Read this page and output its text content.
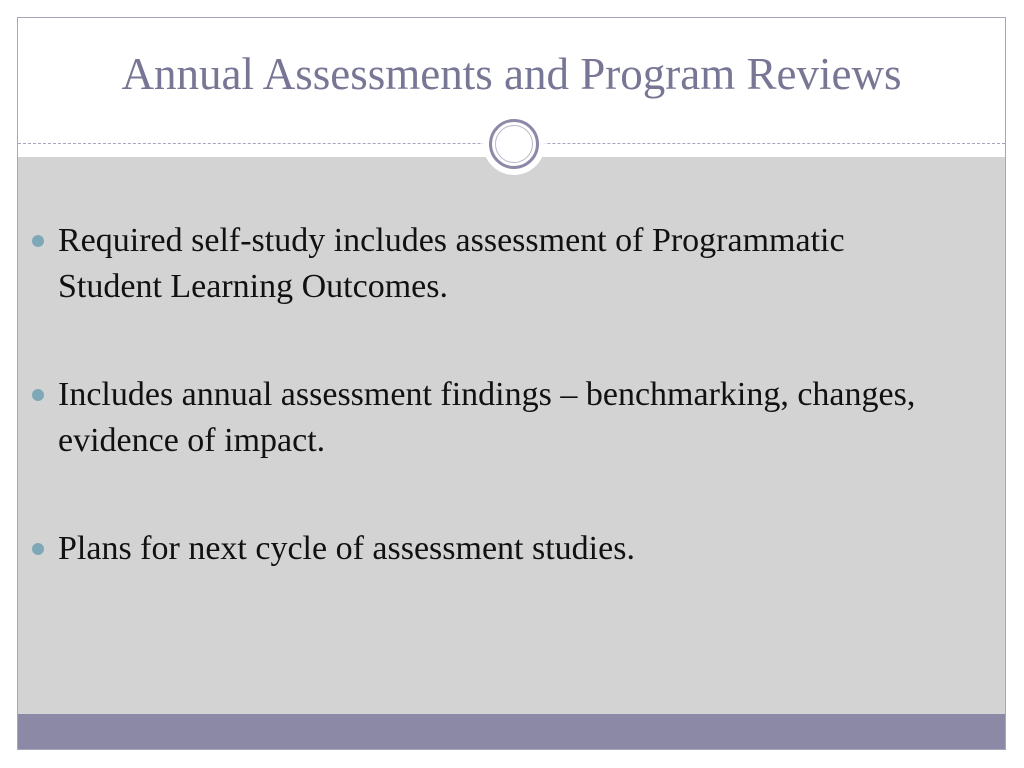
Annual Assessments and Program Reviews
Required self-study includes assessment of Programmatic Student Learning Outcomes.
Includes annual assessment findings – benchmarking, changes, evidence of impact.
Plans for next cycle of assessment studies.
